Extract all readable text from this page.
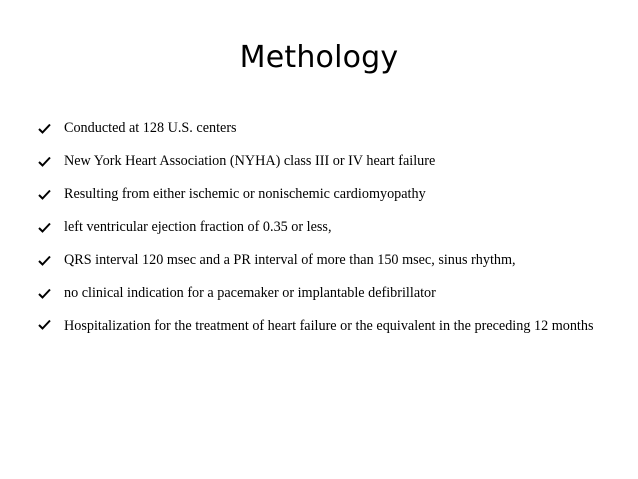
Methology
Conducted at 128 U.S. centers
New York Heart Association (NYHA) class III or IV heart failure
Resulting from either ischemic or nonischemic cardiomyopathy
left ventricular ejection fraction of 0.35 or less,
QRS interval 120 msec and a PR interval of more than 150 msec, sinus rhythm,
no clinical indication for a pacemaker or implantable defibrillator
Hospitalization for the treatment of heart failure or the equivalent in the preceding 12 months
